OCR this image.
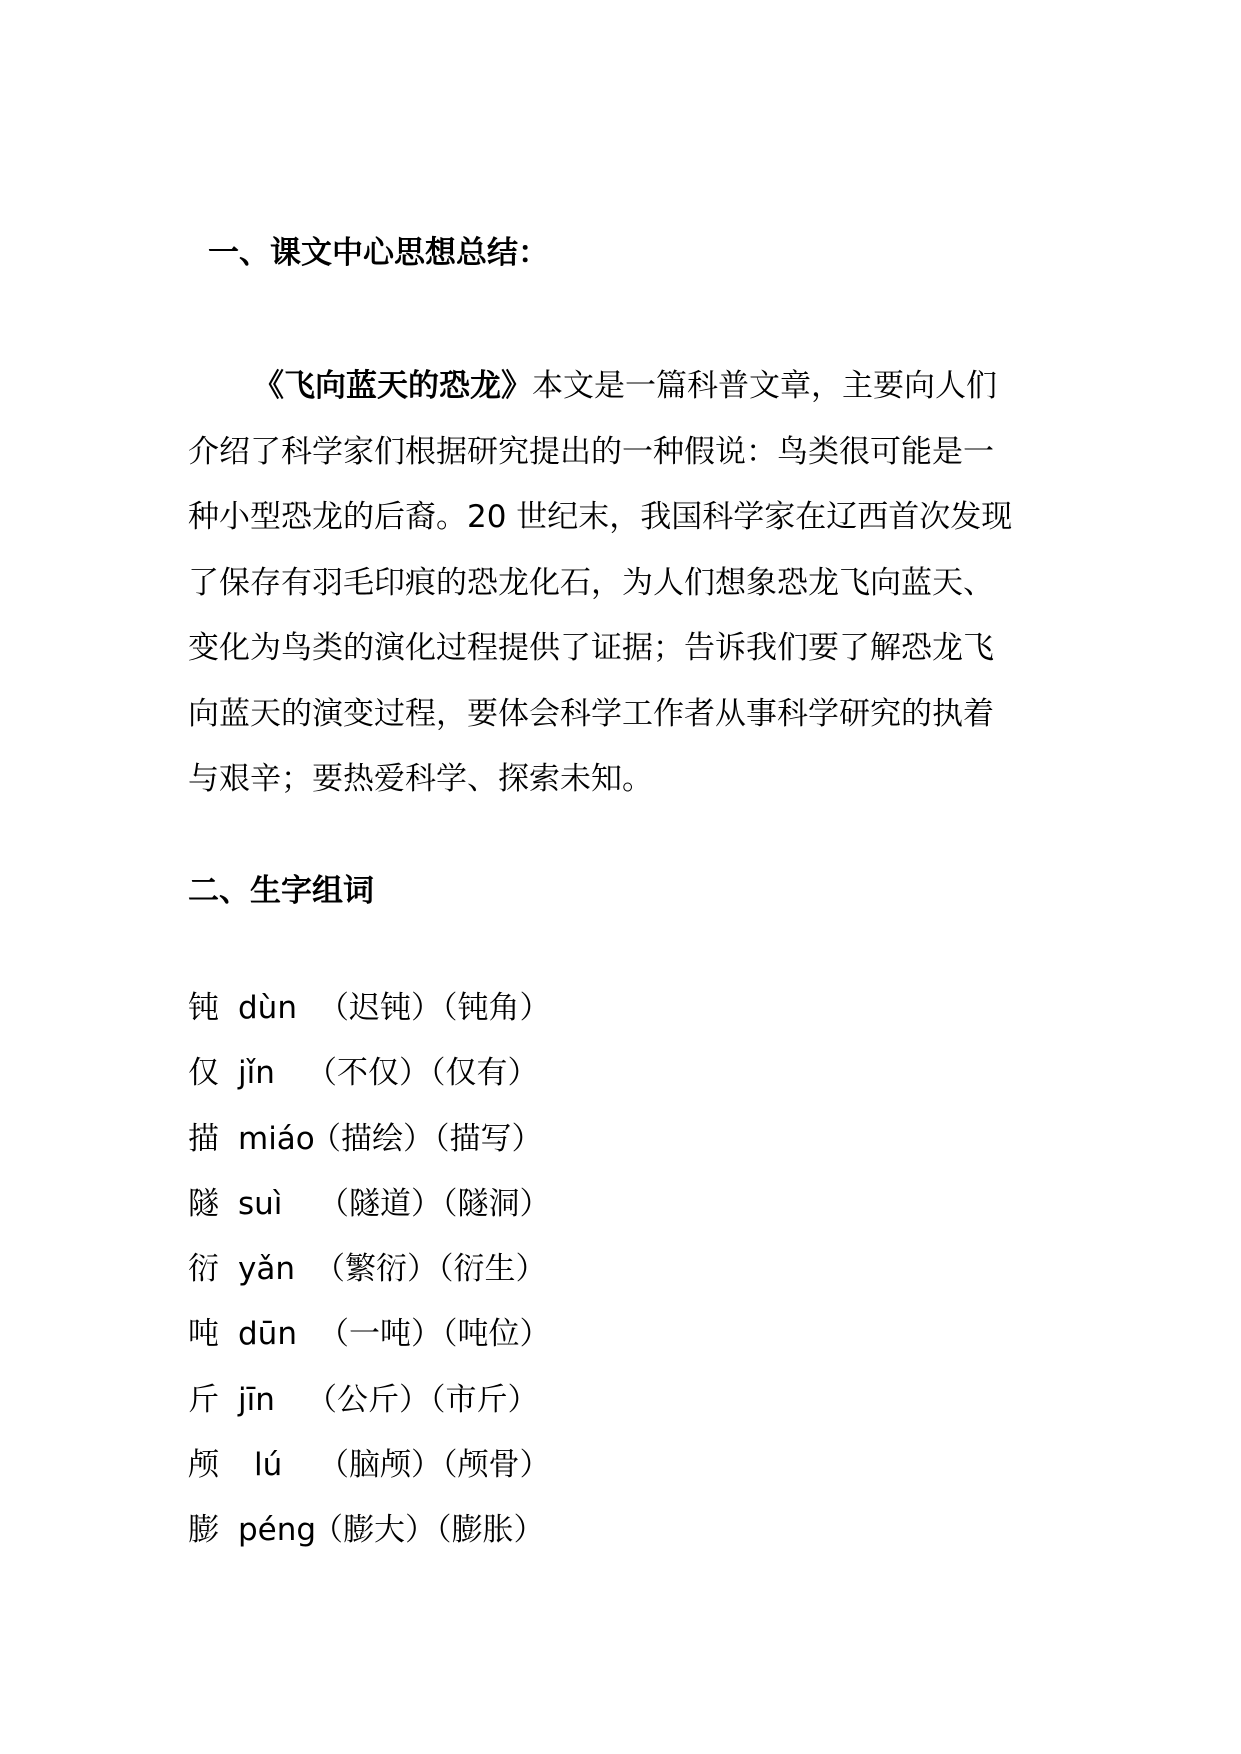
一、课文中心思想总结：
《飞向蓝天的恐龙》本文是一篇科普文章，主要向人们
介绍了科学家们根据研究提出的一种假说：鸟类很可能是一
种小型恐龙的后裔。20 世纪末，我国科学家在辽西首次发现
了保存有羽毛印痕的恐龙化石，为人们想象恐龙飞向蓝天、
变化为鸟类的演化过程提供了证据；告诉我们要了解恐龙飞
向蓝天的演变过程，要体会科学工作者从事科学研究的执着
与艰辛；要热爱科学、探索未知。
二、生字组词
钝 dùn （迟钝）（钝角）
仅 jǐn （不仅）（仅有）
描 miáo
（描绘）（描写）
隧 suì （隧道）（隧洞）
衍 yǎn （繁衍）（衍生）
吨 dūn （一吨）（吨位）
斤 jīn （公斤）（市斤）
颅 lú （脑颅）（颅骨）
膨 péng
（膨大）（膨胀）
